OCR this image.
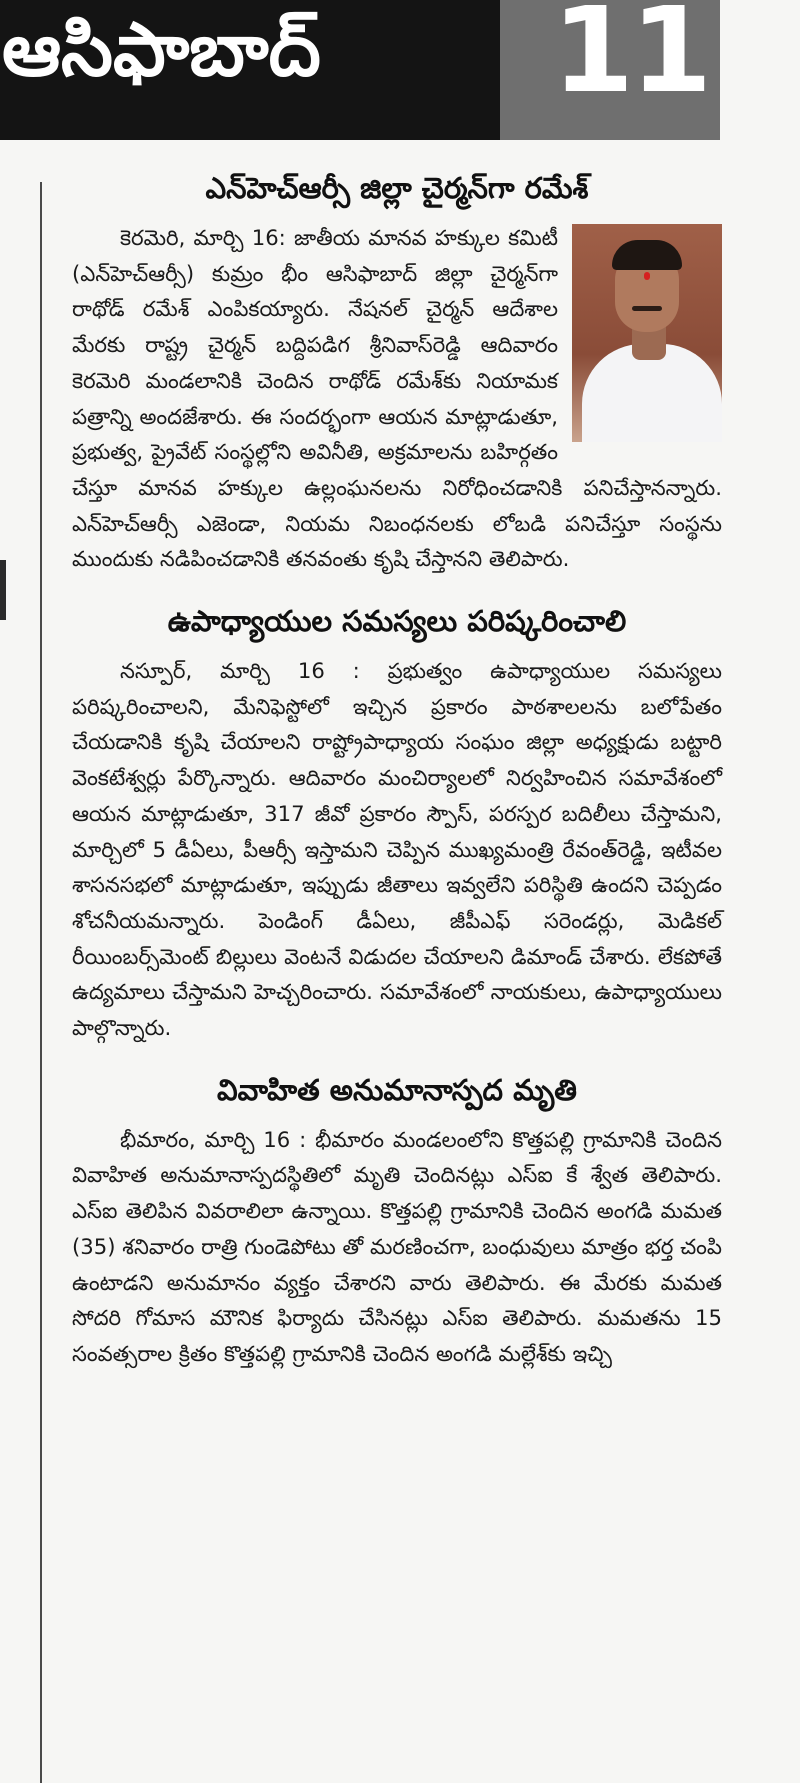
ఆసిఫాబాద్	11
ఎన్‌హెచ్‌ఆర్సీ జిల్లా చైర్మన్‌గా రమేశ్

కెరమెరి, మార్చి 16: జాతీయ మానవ హక్కుల కమిటీ (ఎన్‌హెచ్‌ఆర్సీ) కుమ్రం భీం ఆసిఫాబాద్ జిల్లా చైర్మన్‌గా రాథోడ్ రమేశ్ ఎంపికయ్యారు. నేషనల్ చైర్మన్ ఆదేశాల మేరకు రాష్ట్ర చైర్మన్ బద్దిపడిగ శ్రీనివాస్‌రెడ్డి ఆదివారం కెరమెరి మండలానికి చెందిన రాథోడ్ రమేశ్‌కు నియామక పత్రాన్ని అందజేశారు. ఈ సందర్భంగా ఆయన మాట్లాడుతూ, ప్రభుత్వ, ప్రైవేట్ సంస్థల్లోని అవినీతి, అక్రమాలను బహిర్గతం చేస్తూ మానవ హక్కుల ఉల్లంఘనలను నిరోధించడానికి పనిచేస్తానన్నారు. ఎన్‌హెచ్‌ఆర్సీ ఎజెండా, నియమ నిబంధనలకు లోబడి పనిచేస్తూ సంస్థను ముందుకు నడిపించడానికి తనవంతు కృషి చేస్తానని తెలిపారు.

ఉపాధ్యాయుల సమస్యలు పరిష్కరించాలి

నస్పూర్, మార్చి 16 : ప్రభుత్వం ఉపాధ్యాయుల సమస్యలు పరిష్కరించాలని, మేనిఫెస్టోలో ఇచ్చిన ప్రకారం పాఠశాలలను బలోపేతం చేయడానికి కృషి చేయాలని రాష్ట్రోపాధ్యాయ సంఘం జిల్లా అధ్యక్షుడు బట్టారి వెంకటేశ్వర్లు పేర్కొన్నారు. ఆదివారం మంచిర్యాలలో నిర్వహించిన సమావేశంలో ఆయన మాట్లాడుతూ, 317 జీవో ప్రకారం స్పౌస్, పరస్పర బదిలీలు చేస్తామని, మార్చిలో 5 డీఏలు, పీఆర్సీ ఇస్తామని చెప్పిన ముఖ్యమంత్రి రేవంత్‌రెడ్డి, ఇటీవల శాసనసభలో మాట్లాడుతూ, ఇప్పుడు జీతాలు ఇవ్వలేని పరిస్థితి ఉందని చెప్పడం శోచనీయమన్నారు. పెండింగ్ డీఏలు, జీపీఎఫ్ సరెండర్లు, మెడికల్ రీయింబర్స్‌మెంట్ బిల్లులు వెంటనే విడుదల చేయాలని డిమాండ్ చేశారు. లేకపోతే ఉద్యమాలు చేస్తామని హెచ్చరించారు. సమావేశంలో నాయకులు, ఉపాధ్యాయులు పాల్గొన్నారు.

వివాహిత అనుమానాస్పద మృతి

భీమారం, మార్చి 16 : భీమారం మండలంలోని కొత్తపల్లి గ్రామానికి చెందిన వివాహిత అనుమానాస్పదస్థితిలో మృతి చెందినట్లు ఎస్ఐ కే శ్వేత తెలిపారు. ఎస్ఐ తెలిపిన వివరాలిలా ఉన్నాయి. కొత్తపల్లి గ్రామానికి చెందిన అంగడి మమత (35) శనివారం రాత్రి గుండెపోటు తో మరణించగా, బంధువులు మాత్రం భర్త చంపి ఉంటాడని అనుమానం వ్యక్తం చేశారని వారు తెలిపారు. ఈ మేరకు మమత సోదరి గోమాస మౌనిక ఫిర్యాదు చేసినట్లు ఎస్ఐ తెలిపారు. మమతను 15 సంవత్సరాల క్రితం కొత్తపల్లి గ్రామానికి చెందిన అంగడి మల్లేశ్‌కు ఇచ్చి
